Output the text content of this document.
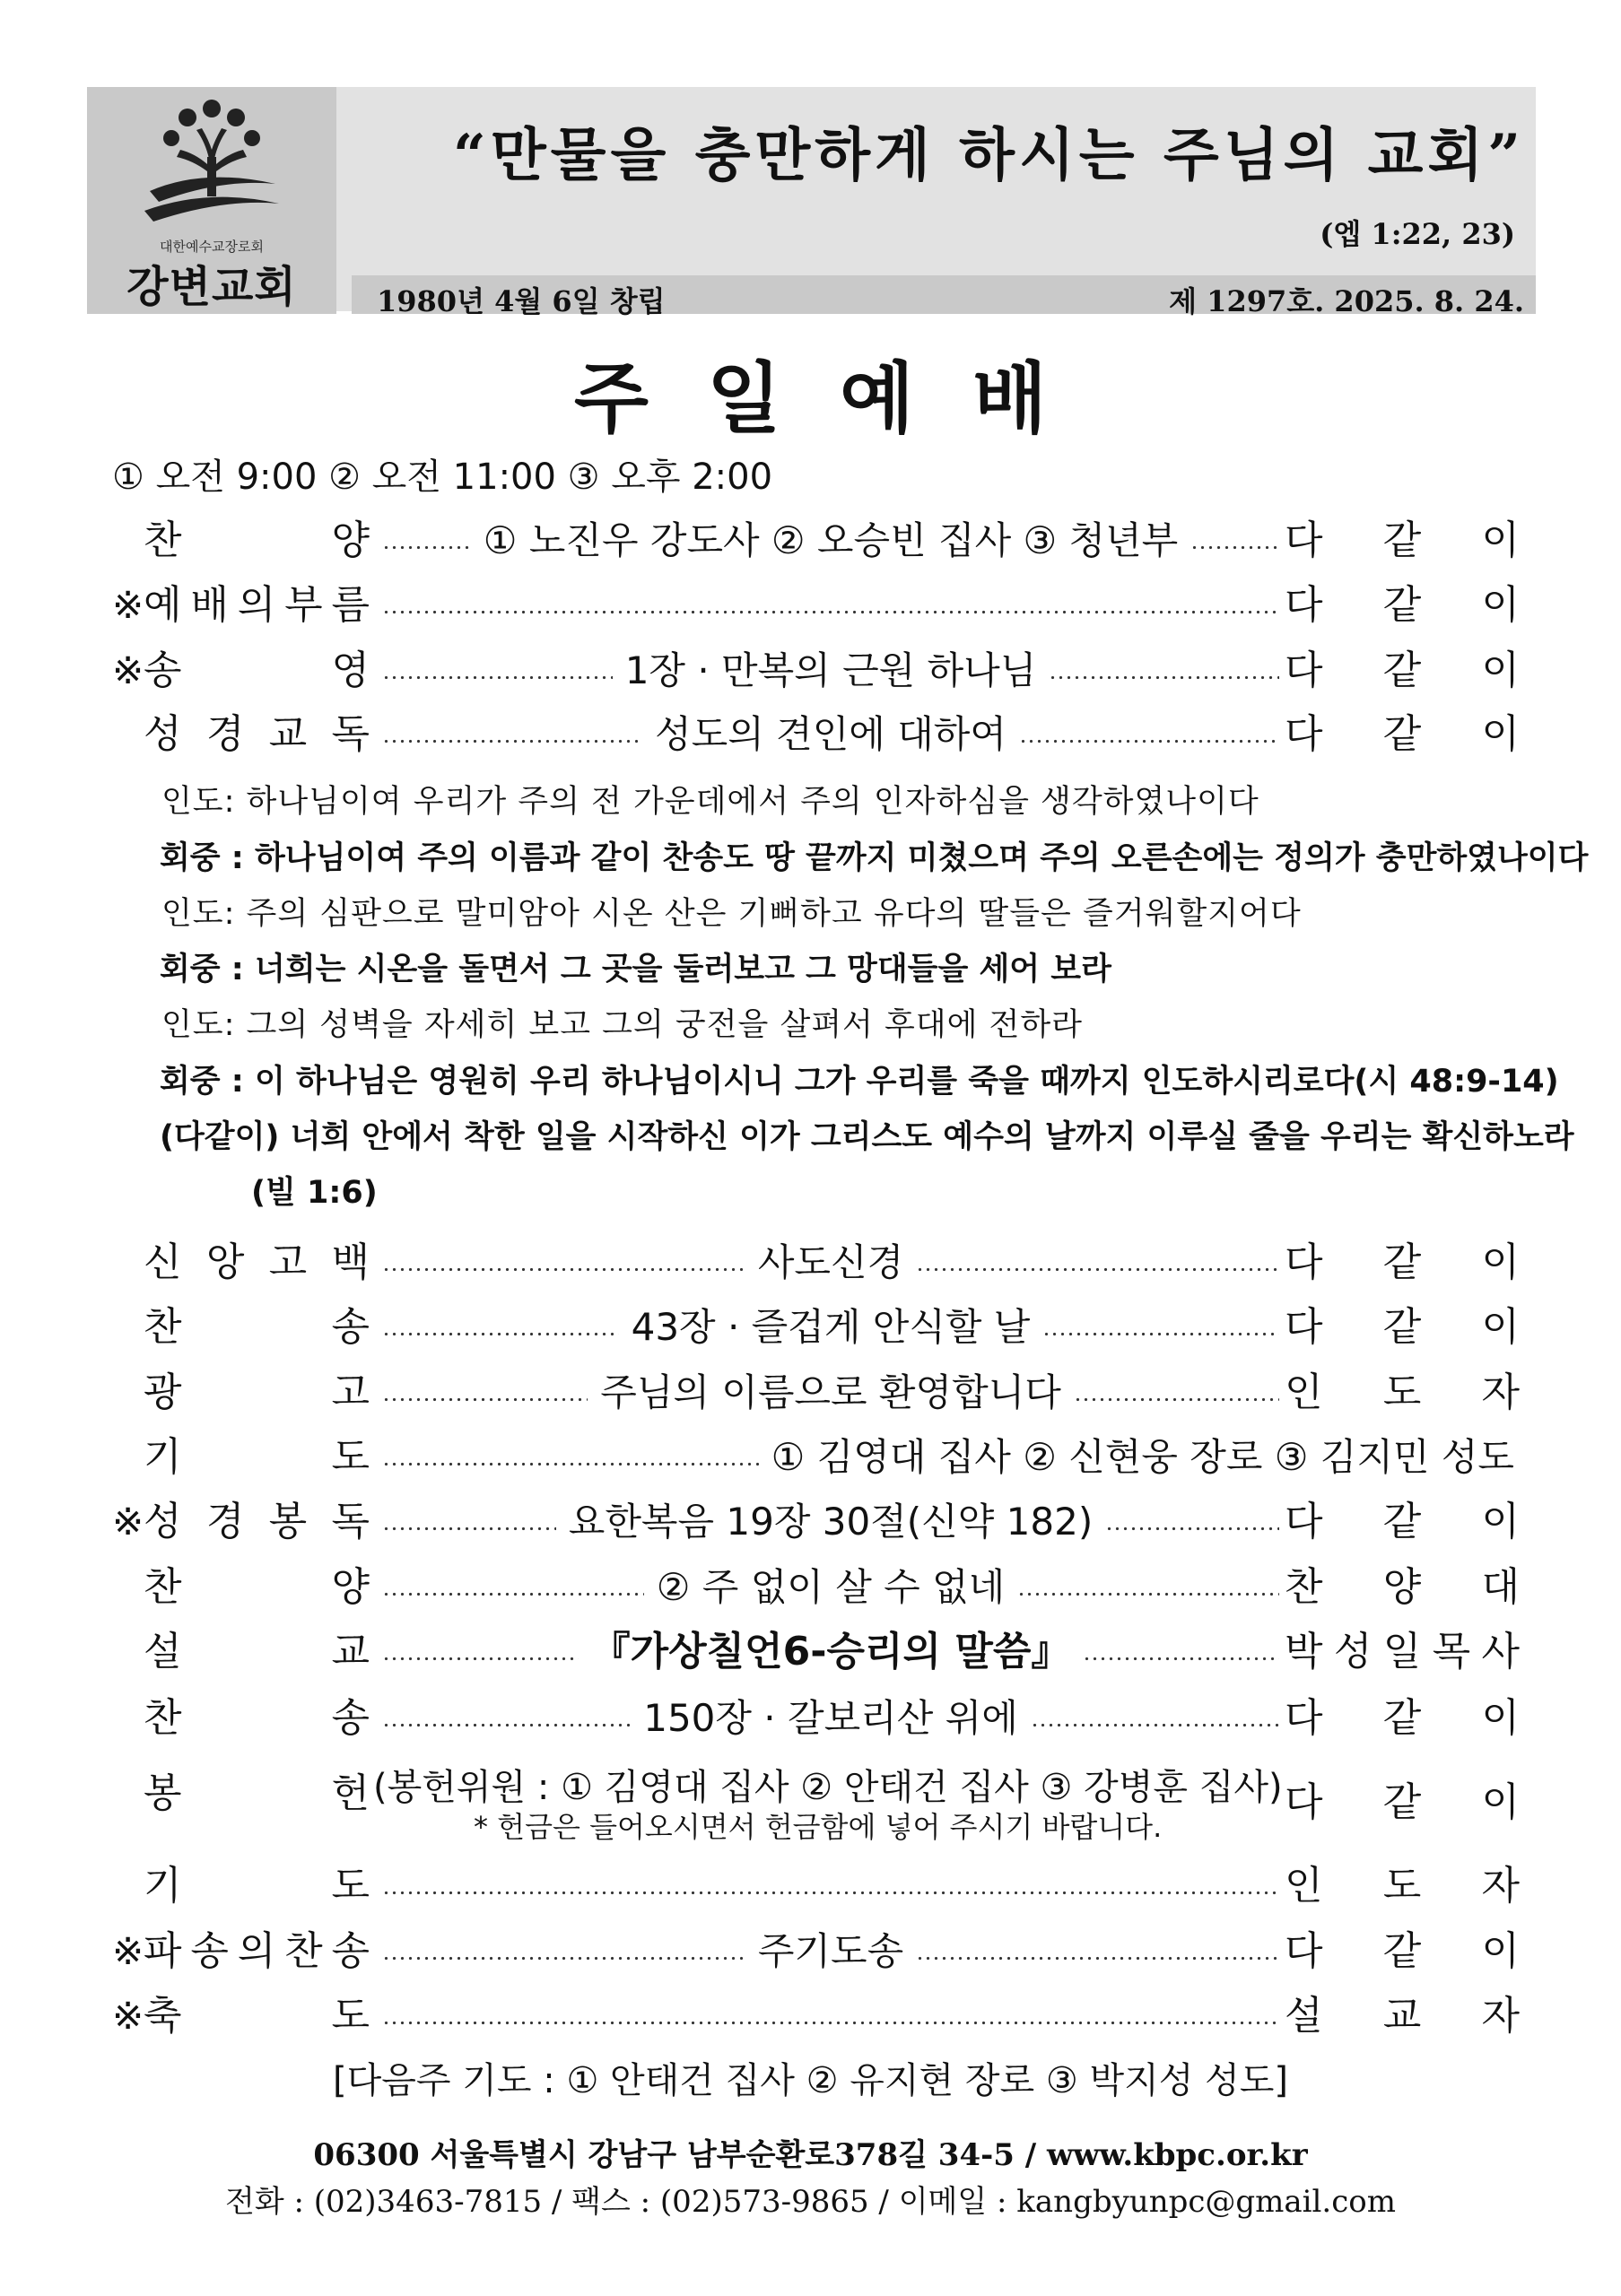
대한예수교장로회
강변교회
“만물을 충만하게 하시는 주님의 교회”
(엡 1:22, 23)
1980년 4월 6일 창립	제 1297호. 2025. 8. 24.
주일예배
① 오전 9:00 ② 오전 11:00 ③ 오후 2:00
찬	양	① 노진우 강도사 ② 오승빈 집사 ③ 청년부	다 같 이
※ 예 배 의 부 름	다 같 이
※ 송	영	1장 · 만복의 근원 하나님	다 같 이
성 경 교 독	성도의 견인에 대하여	다 같 이
신 앙 고 백	사도신경	다 같 이
찬	송	43장 · 즐겁게 안식할 날	다 같 이
광	고	주님의 이름으로 환영합니다	인 도 자
기	도	① 김영대 집사 ② 신현웅 장로 ③ 김지민 성도
※ 성 경 봉 독	요한복음 19장 30절(신약 182)	다 같 이
찬	양	② 주 없이 살 수 없네	찬 양 대
설	교	『가상칠언6-승리의 말씀』	박 성 일 목 사
찬	송	150장 · 갈보리산 위에	다 같 이
봉	헌 (봉헌위원 : ① 김영대 집사 ② 안태건 집사 ③ 강병훈 집사) 다 같 이
기	도	인 도 자
※ 파 송 의 찬 송	주기도송	다 같 이
※ 축	도	설 교 자
인도: 하나님이여 우리가 주의 전 가운데에서 주의 인자하심을 생각하였나이다
회중 : 하나님이여 주의 이름과 같이 찬송도 땅 끝까지 미쳤으며 주의 오른손에는 정의가 충만하였나이다
인도: 주의 심판으로 말미암아 시온 산은 기뻐하고 유다의 딸들은 즐거워할지어다
회중 : 너희는 시온을 돌면서 그 곳을 둘러보고 그 망대들을 세어 보라
인도: 그의 성벽을 자세히 보고 그의 궁전을 살펴서 후대에 전하라
회중 : 이 하나님은 영원히 우리 하나님이시니 그가 우리를 죽을 때까지 인도하시리로다(시 48:9-14)
(다같이) 너희 안에서 착한 일을 시작하신 이가 그리스도 예수의 날까지 이루실 줄을 우리는 확신하노라
(빌 1:6)
* 헌금은 들어오시면서 헌금함에 넣어 주시기 바랍니다.
[다음주 기도 : ① 안태건 집사 ② 유지현 장로 ③ 박지성 성도]
06300 서울특별시 강남구 남부순환로378길 34-5 / www.kbpc.or.kr
전화 : (02)3463-7815 / 팩스 : (02)573-9865 / 이메일 : kangbyunpc@gmail.com
